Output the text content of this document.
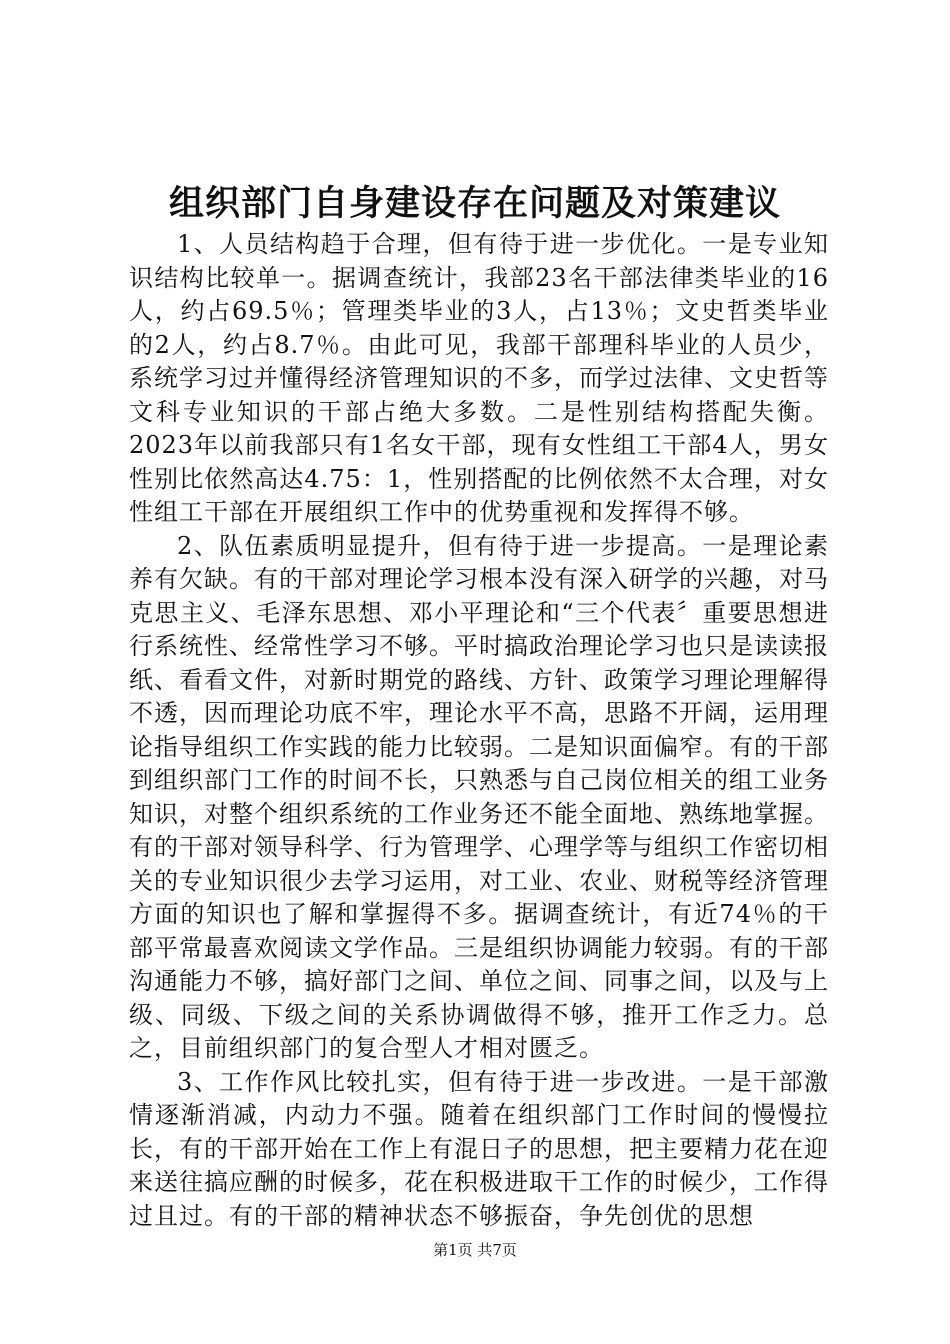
组织部门自身建设存在问题及对策建议

1、人员结构趋于合理，但有待于进一步优化。一是专业知识结构比较单一。据调查统计，我部23名干部法律类毕业的16人，约占69.5％；管理类毕业的3人，占13％；文史哲类毕业的2人，约占8.7％。由此可见，我部干部理科毕业的人员少，系统学习过并懂得经济管理知识的不多，而学过法律、文史哲等文科专业知识的干部占绝大多数。二是性别结构搭配失衡。2023年以前我部只有1名女干部，现有女性组工干部4人，男女性别比依然高达4.75：1，性别搭配的比例依然不太合理，对女性组工干部在开展组织工作中的优势重视和发挥得不够。

2、队伍素质明显提升，但有待于进一步提高。一是理论素养有欠缺。有的干部对理论学习根本没有深入研学的兴趣，对马克思主义、毛泽东思想、邓小平理论和“三个代表〞重要思想进行系统性、经常性学习不够。平时搞政治理论学习也只是读读报纸、看看文件，对新时期党的路线、方针、政策学习理论理解得不透，因而理论功底不牢，理论水平不高，思路不开阔，运用理论指导组织工作实践的能力比较弱。二是知识面偏窄。有的干部到组织部门工作的时间不长，只熟悉与自己岗位相关的组工业务知识，对整个组织系统的工作业务还不能全面地、熟练地掌握。有的干部对领导科学、行为管理学、心理学等与组织工作密切相关的专业知识很少去学习运用，对工业、农业、财税等经济管理方面的知识也了解和掌握得不多。据调查统计，有近74％的干部平常最喜欢阅读文学作品。三是组织协调能力较弱。有的干部沟通能力不够，搞好部门之间、单位之间、同事之间，以及与上级、同级、下级之间的关系协调做得不够，推开工作乏力。总之，目前组织部门的复合型人才相对匮乏。

3、工作作风比较扎实，但有待于进一步改进。一是干部激情逐渐消减，内动力不强。随着在组织部门工作时间的慢慢拉长，有的干部开始在工作上有混日子的思想，把主要精力花在迎来送往搞应酬的时候多，花在积极进取干工作的时候少，工作得过且过。有的干部的精神状态不够振奋，争先创优的思想

第1页 共7页
